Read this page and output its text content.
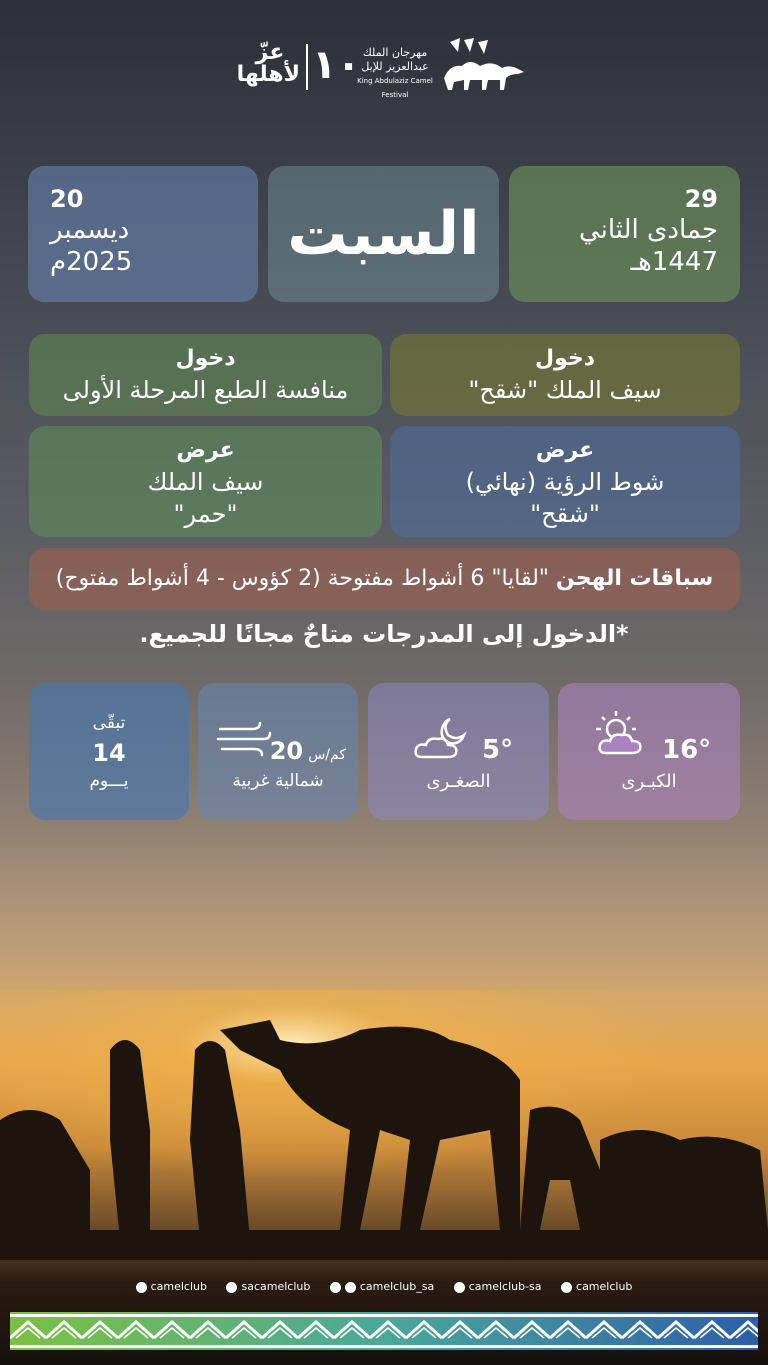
عزّ لأهلها ١٠ مهرجان الملك عبدالعزيز للإبل
King Abdulaziz Camel Festival
20
ديسمبر
2025م	السبت	29
جمادى الثاني
1447هـ
دخول
سيف الملك "شقح"
دخول
منافسة الطبع المرحلة الأولى
عرض
شوط الرؤية (نهائي)
"شقح"
عرض
سيف الملك
"حمر"
سباقات الهجن "لقايا" 6 أشواط مفتوحة (2 كؤوس - 4 أشواط مفتوح)
*الدخول إلى المدرجات متاحٌ مجانًا للجميع.
16°
الكبـرى
5°
الصغـرى
20 كم/س
شمالية غربية
تبقّى
14
يـــوم
camelclub	sacamelclub	camelclub_sa	camelclub-sa	camelclub
